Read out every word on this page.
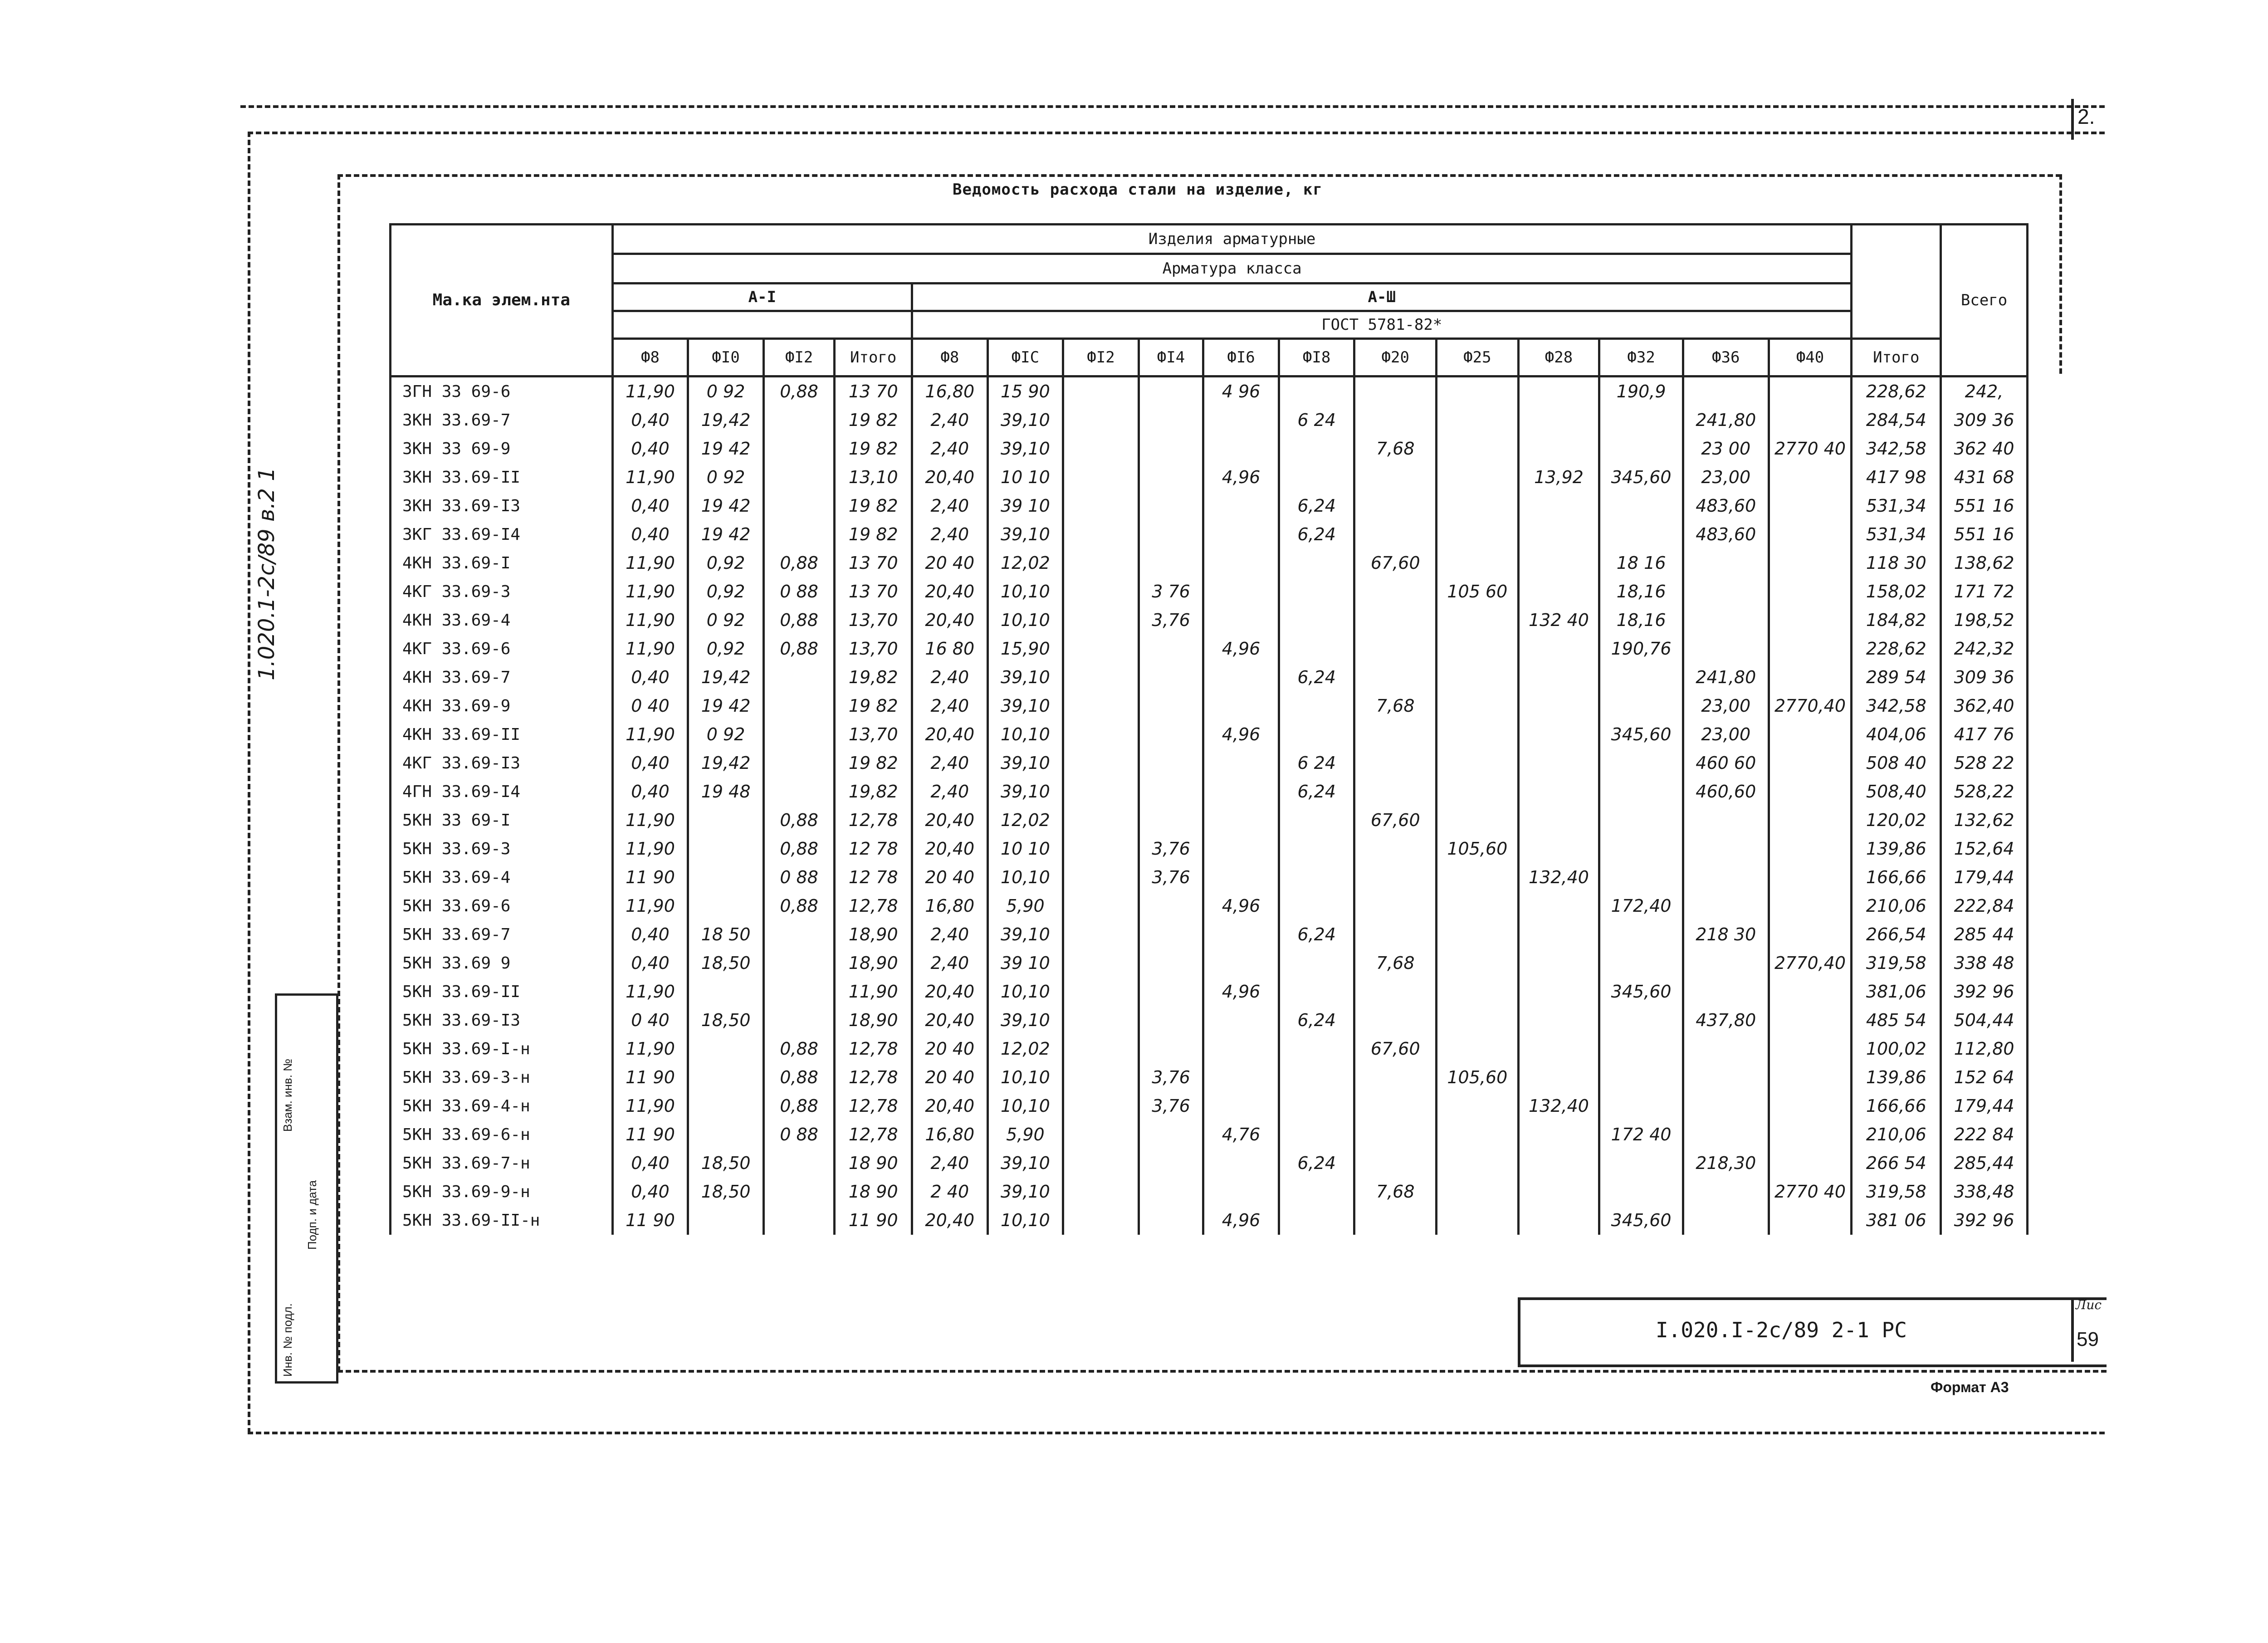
2.
Ведомость расхода стали на изделие, кг
Ма.ка элем.нта	Изделия арматурные																	Всего
	Арматура класса																	
	А-I				А-Ш													
					ГОСТ 5781-82*													
	Ф8	ФI0	ФI2	Итого	Ф8	ФIC	ФI2	ФI4	ФI6	ФI8	Ф20	Ф25	Ф28	Ф32	Ф36	Ф40	Итого	
3ГН 33 69-6	11,90	0 92	0,88	13 70	16,80	15 90			4 96					190,9			228,62	242,
3КН 33.69-7	0,40	19,42		19 82	2,40	39,10				6 24					241,80		284,54	309 36
3КН 33 69-9	0,40	19 42		19 82	2,40	39,10					7,68				23 00	2770 40	342,58	362 40
3КН 33.69-II	11,90	0 92		13,10	20,40	10 10			4,96				13,92	345,60	23,00		417 98	431 68
3КН 33.69-I3	0,40	19 42		19 82	2,40	39 10				6,24					483,60		531,34	551 16
3КГ 33.69-I4	0,40	19 42		19 82	2,40	39,10				6,24					483,60		531,34	551 16
4КН 33.69-I	11,90	0,92	0,88	13 70	20 40	12,02					67,60			18 16			118 30	138,62
4КГ 33.69-3	11,90	0,92	0 88	13 70	20,40	10,10		3 76				105 60		18,16			158,02	171 72
4КН 33.69-4	11,90	0 92	0,88	13,70	20,40	10,10		3,76					132 40	18,16			184,82	198,52
4КГ 33.69-6	11,90	0,92	0,88	13,70	16 80	15,90			4,96					190,76			228,62	242,32
4КН 33.69-7	0,40	19,42		19,82	2,40	39,10				6,24					241,80		289 54	309 36
4КН 33.69-9	0 40	19 42		19 82	2,40	39,10					7,68				23,00	2770,40	342,58	362,40
4КН 33.69-II	11,90	0 92		13,70	20,40	10,10			4,96					345,60	23,00		404,06	417 76
4КГ 33.69-I3	0,40	19,42		19 82	2,40	39,10				6 24					460 60		508 40	528 22
4ГН 33.69-I4	0,40	19 48		19,82	2,40	39,10				6,24					460,60		508,40	528,22
5КН 33 69-I	11,90		0,88	12,78	20,40	12,02					67,60						120,02	132,62
5КН 33.69-3	11,90		0,88	12 78	20,40	10 10		3,76				105,60					139,86	152,64
5КН 33.69-4	11 90		0 88	12 78	20 40	10,10		3,76					132,40				166,66	179,44
5КН 33.69-6	11,90		0,88	12,78	16,80	5,90			4,96					172,40			210,06	222,84
5КН 33.69-7	0,40	18 50		18,90	2,40	39,10				6,24					218 30		266,54	285 44
5КН 33.69 9	0,40	18,50		18,90	2,40	39 10					7,68					2770,40	319,58	338 48
5КН 33.69-II	11,90			11,90	20,40	10,10			4,96					345,60			381,06	392 96
5КН 33.69-I3	0 40	18,50		18,90	20,40	39,10				6,24					437,80		485 54	504,44
5КН 33.69-I-н	11,90		0,88	12,78	20 40	12,02					67,60						100,02	112,80
5КН 33.69-3-н	11 90		0,88	12,78	20 40	10,10		3,76				105,60					139,86	152 64
5КН 33.69-4-н	11,90		0,88	12,78	20,40	10,10		3,76					132,40				166,66	179,44
5КН 33.69-6-н	11 90		0 88	12,78	16,80	5,90			4,76					172 40			210,06	222 84
5КН 33.69-7-н	0,40	18,50		18 90	2,40	39,10				6,24					218,30		266 54	285,44
5КН 33.69-9-н	0,40	18,50		18 90	2 40	39,10					7,68					2770 40	319,58	338,48
5КН 33.69-II-н	11 90			11 90	20,40	10,10			4,96					345,60			381 06	392 96
1.020.1-2с/89 в.2 1
Инв. № подл.
Подп. и дата
Взам. инв. №
I.020.I-2с/89 2-1 РС
Лис
59
Формат А3
